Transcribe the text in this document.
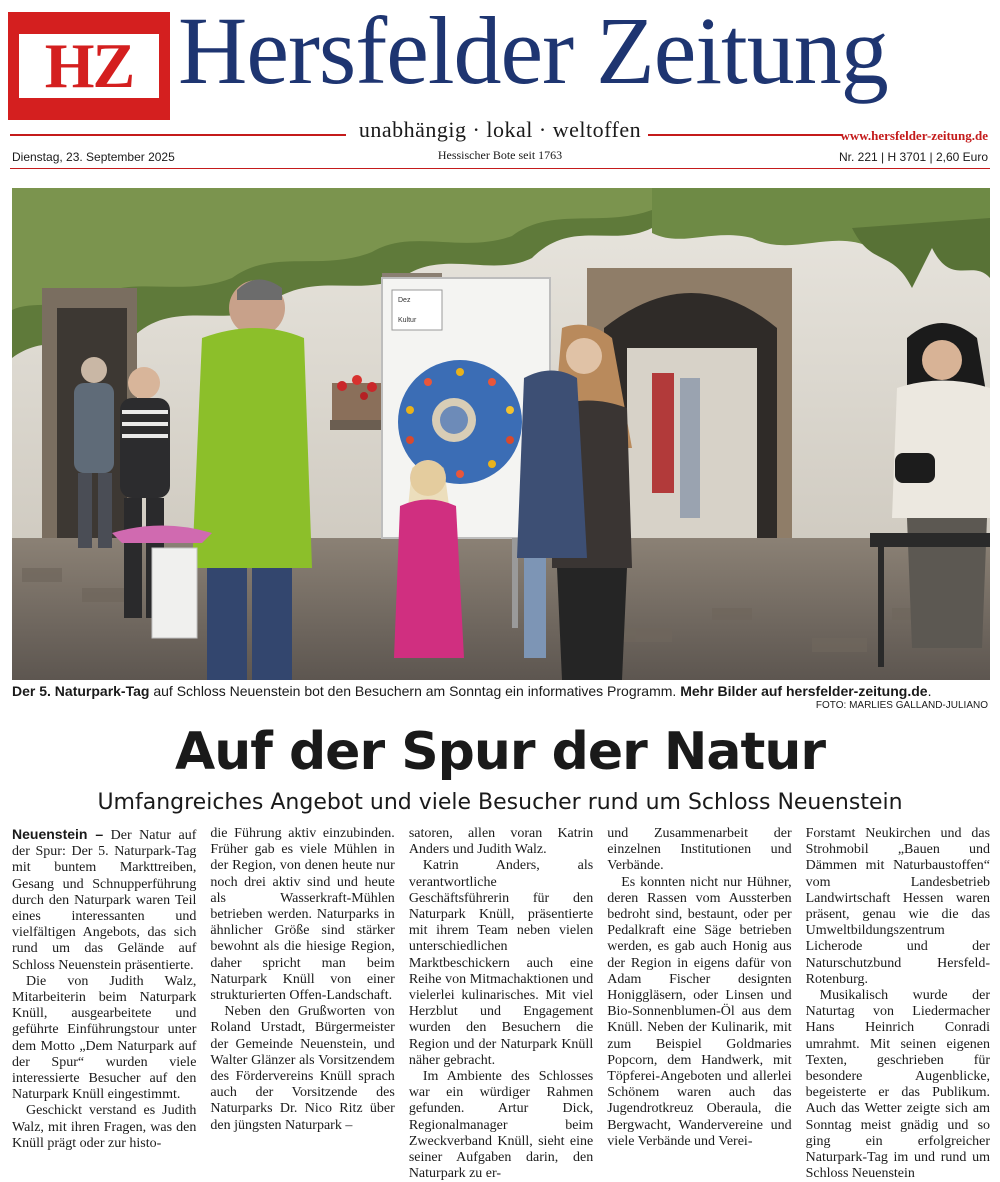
HZ Hersfelder Zeitung
unabhängig · lokal · weltoffen	www.hersfelder-zeitung.de
Dienstag, 23. September 2025	Hessischer Bote seit 1763	Nr. 221 | H 3701 | 2,60 Euro
Dez
Kultur
Der 5. Naturpark-Tag auf Schloss Neuenstein bot den Besuchern am Sonntag ein informatives Programm. Mehr Bilder auf hersfelder-zeitung.de.
FOTO: MARLIES GALLAND-JULIANO
Auf der Spur der Natur
Umfangreiches Angebot und viele Besucher rund um Schloss Neuenstein

Neuenstein – Der Natur auf der Spur: Der 5. Naturpark-Tag mit buntem Markttreiben, Gesang und Schnupperführung durch den Naturpark waren Teil eines interessanten und vielfältigen Angebots, das sich rund um das Gelände auf Schloss Neuenstein präsentierte.

Die von Judith Walz, Mitarbeiterin beim Naturpark Knüll, ausgearbeitete und geführte Einführungstour unter dem Motto „Dem Naturpark auf der Spur“ wurden viele interessierte Besucher auf den Naturpark Knüll eingestimmt.

Geschickt verstand es Judith Walz, mit ihren Fragen, was den Knüll prägt oder zur histo-

die Führung aktiv einzubinden. Früher gab es viele Mühlen in der Region, von denen heute nur noch drei aktiv sind und heute als Wasserkraft-Mühlen betrieben werden. Naturparks in ähnlicher Größe sind stärker bewohnt als die hiesige Region, daher spricht man beim Naturpark Knüll von einer strukturierten Offen-Landschaft.

Neben den Grußworten von Roland Urstadt, Bürgermeister der Gemeinde Neuenstein, und Walter Glänzer als Vorsitzendem des Fördervereins Knüll sprach auch der Vorsitzende des Naturparks Dr. Nico Ritz über den jüngsten Naturpark –

satoren, allen voran Katrin Anders und Judith Walz.

Katrin Anders, als verantwortliche Geschäftsführerin für den Naturpark Knüll, präsentierte mit ihrem Team neben vielen unterschiedlichen Marktbeschickern auch eine Reihe von Mitmachaktionen und vielerlei kulinarisches. Mit viel Herzblut und Engagement wurden den Besuchern die Region und der Naturpark Knüll näher gebracht.

Im Ambiente des Schlosses war ein würdiger Rahmen gefunden. Artur Dick, Regionalmanager beim Zweckverband Knüll, sieht eine seiner Aufgaben darin, den Naturpark zu er-

und Zusammenarbeit der einzelnen Institutionen und Verbände.

Es konnten nicht nur Hühner, deren Rassen vom Aussterben bedroht sind, bestaunt, oder per Pedalkraft eine Säge betrieben werden, es gab auch Honig aus der Region in eigens dafür von Adam Fischer designten Honiggläsern, oder Linsen und Bio-Sonnenblumen-Öl aus dem Knüll. Neben der Kulinarik, mit zum Beispiel Goldmaries Popcorn, dem Handwerk, mit Töpferei-Angeboten und allerlei Schönem waren auch das Jugendrotkreuz Oberaula, die Bergwacht, Wandervereine und viele Verbände und Verei-

Forstamt Neukirchen und das Strohmobil „Bauen und Dämmen mit Naturbaustoffen“ vom Landesbetrieb Landwirtschaft Hessen waren präsent, genau wie die das Umweltbildungszentrum Licherode und der Naturschutzbund Hersfeld-Rotenburg.

Musikalisch wurde der Naturtag von Liedermacher Hans Heinrich Conradi umrahmt. Mit seinen eigenen Texten, geschrieben für besondere Augenblicke, begeisterte er das Publikum. Auch das Wetter zeigte sich am Sonntag meist gnädig und so ging ein erfolgreicher Naturpark-Tag im und rund um Schloss Neuenstein
